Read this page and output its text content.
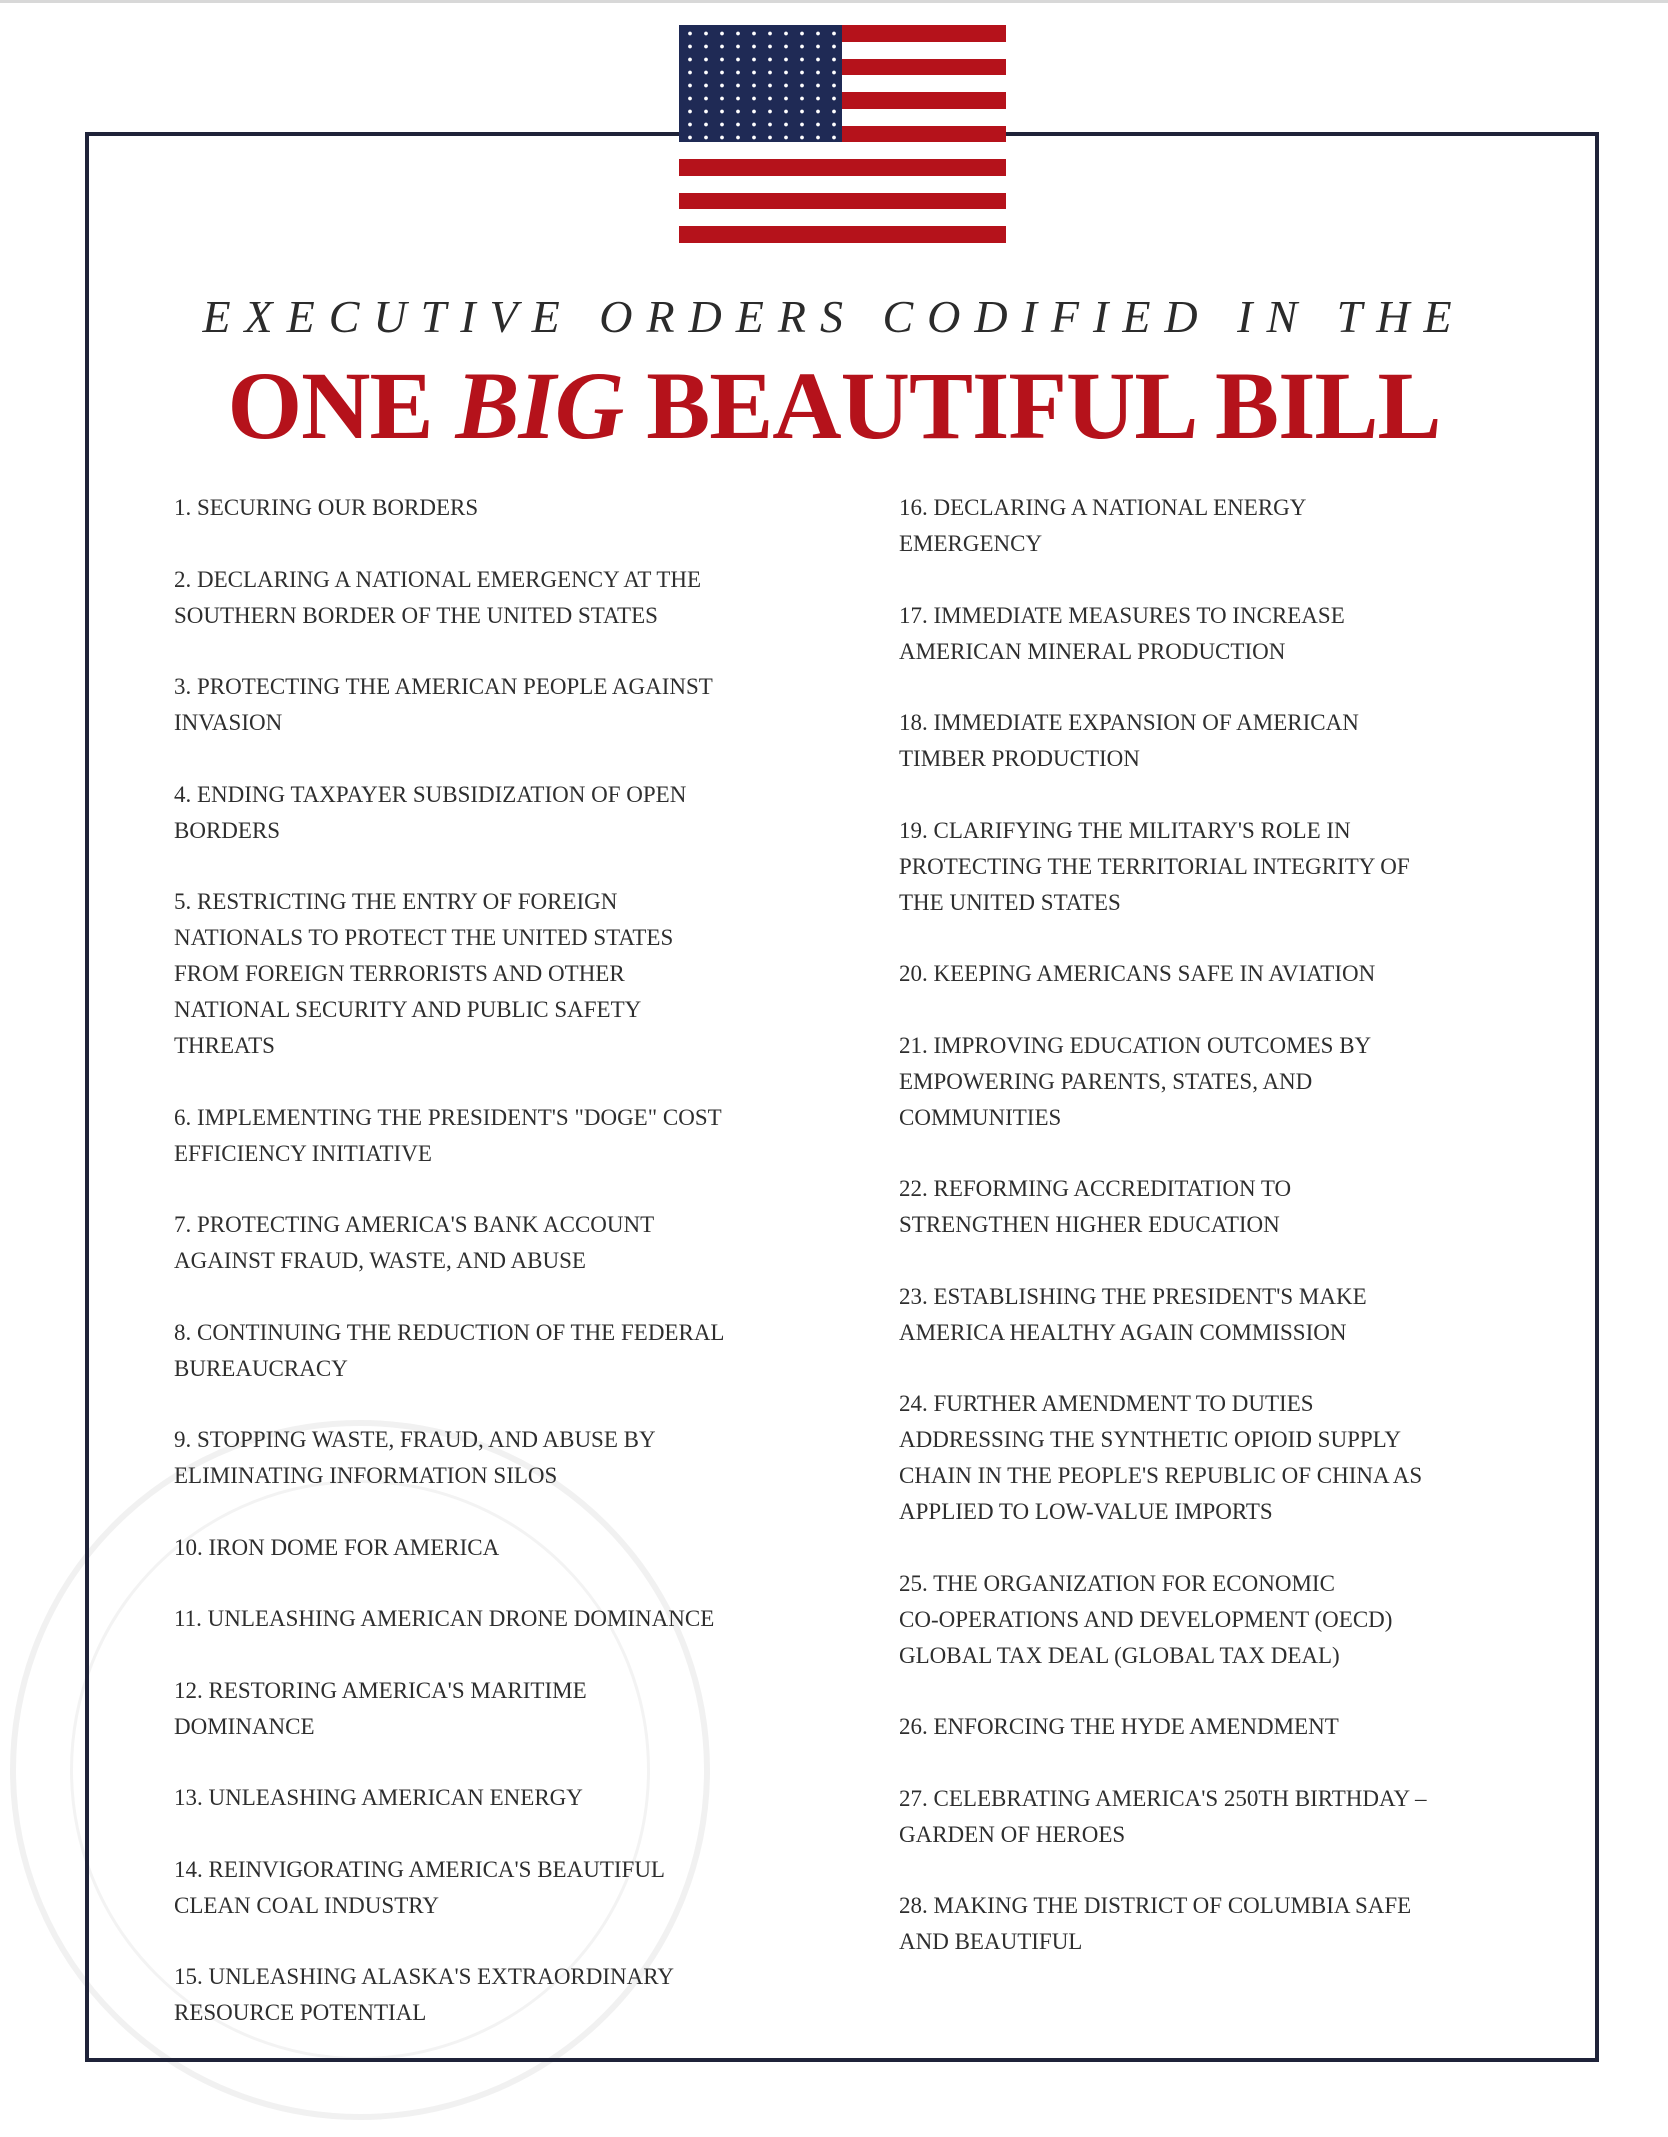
EXECUTIVE ORDERS CODIFIED IN THE
ONE BIG BEAUTIFUL BILL
1. SECURING OUR BORDERS
2. DECLARING A NATIONAL EMERGENCY AT THE
SOUTHERN BORDER OF THE UNITED STATES
3. PROTECTING THE AMERICAN PEOPLE AGAINST
INVASION
4. ENDING TAXPAYER SUBSIDIZATION OF OPEN
BORDERS
5. RESTRICTING THE ENTRY OF FOREIGN
NATIONALS TO PROTECT THE UNITED STATES
FROM FOREIGN TERRORISTS AND OTHER
NATIONAL SECURITY AND PUBLIC SAFETY
THREATS
6. IMPLEMENTING THE PRESIDENT'S "DOGE" COST
EFFICIENCY INITIATIVE
7. PROTECTING AMERICA'S BANK ACCOUNT
AGAINST FRAUD, WASTE, AND ABUSE
8. CONTINUING THE REDUCTION OF THE FEDERAL
BUREAUCRACY
9. STOPPING WASTE, FRAUD, AND ABUSE BY
ELIMINATING INFORMATION SILOS
10. IRON DOME FOR AMERICA
11. UNLEASHING AMERICAN DRONE DOMINANCE
12. RESTORING AMERICA'S MARITIME
DOMINANCE
13. UNLEASHING AMERICAN ENERGY
14. REINVIGORATING AMERICA'S BEAUTIFUL
CLEAN COAL INDUSTRY
15. UNLEASHING ALASKA'S EXTRAORDINARY
RESOURCE POTENTIAL
16. DECLARING A NATIONAL ENERGY
EMERGENCY
17. IMMEDIATE MEASURES TO INCREASE
AMERICAN MINERAL PRODUCTION
18. IMMEDIATE EXPANSION OF AMERICAN
TIMBER PRODUCTION
19. CLARIFYING THE MILITARY'S ROLE IN
PROTECTING THE TERRITORIAL INTEGRITY OF
THE UNITED STATES
20. KEEPING AMERICANS SAFE IN AVIATION
21. IMPROVING EDUCATION OUTCOMES BY
EMPOWERING PARENTS, STATES, AND
COMMUNITIES
22. REFORMING ACCREDITATION TO
STRENGTHEN HIGHER EDUCATION
23. ESTABLISHING THE PRESIDENT'S MAKE
AMERICA HEALTHY AGAIN COMMISSION
24. FURTHER AMENDMENT TO DUTIES
ADDRESSING THE SYNTHETIC OPIOID SUPPLY
CHAIN IN THE PEOPLE'S REPUBLIC OF CHINA AS
APPLIED TO LOW-VALUE IMPORTS
25. THE ORGANIZATION FOR ECONOMIC
CO-OPERATIONS AND DEVELOPMENT (OECD)
GLOBAL TAX DEAL (GLOBAL TAX DEAL)
26. ENFORCING THE HYDE AMENDMENT
27. CELEBRATING AMERICA'S 250TH BIRTHDAY –
GARDEN OF HEROES
28. MAKING THE DISTRICT OF COLUMBIA SAFE
AND BEAUTIFUL
